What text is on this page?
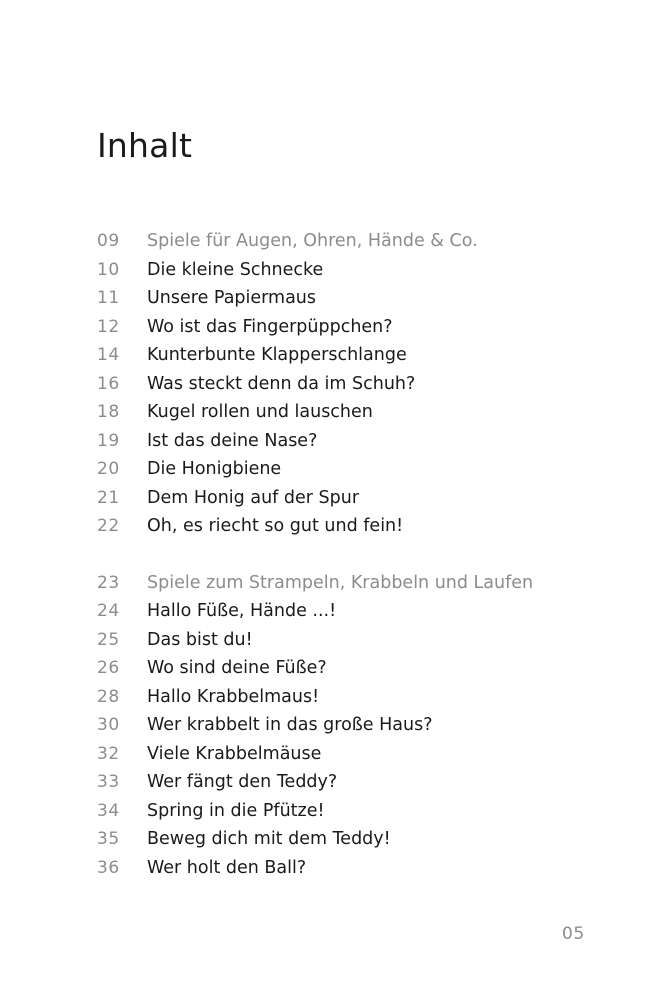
Inhalt
09 Spiele für Augen, Ohren, Hände & Co.
10 Die kleine Schnecke
11 Unsere Papiermaus
12 Wo ist das Fingerpüppchen?
14 Kunterbunte Klapperschlange
16 Was steckt denn da im Schuh?
18 Kugel rollen und lauschen
19 Ist das deine Nase?
20 Die Honigbiene
21 Dem Honig auf der Spur
22 Oh, es riecht so gut und fein!
23 Spiele zum Strampeln, Krabbeln und Laufen
24 Hallo Füße, Hände ...!
25 Das bist du!
26 Wo sind deine Füße?
28 Hallo Krabbelmaus!
30 Wer krabbelt in das große Haus?
32 Viele Krabbelmäuse
33 Wer fängt den Teddy?
34 Spring in die Pfütze!
35 Beweg dich mit dem Teddy!
36 Wer holt den Ball?
05
